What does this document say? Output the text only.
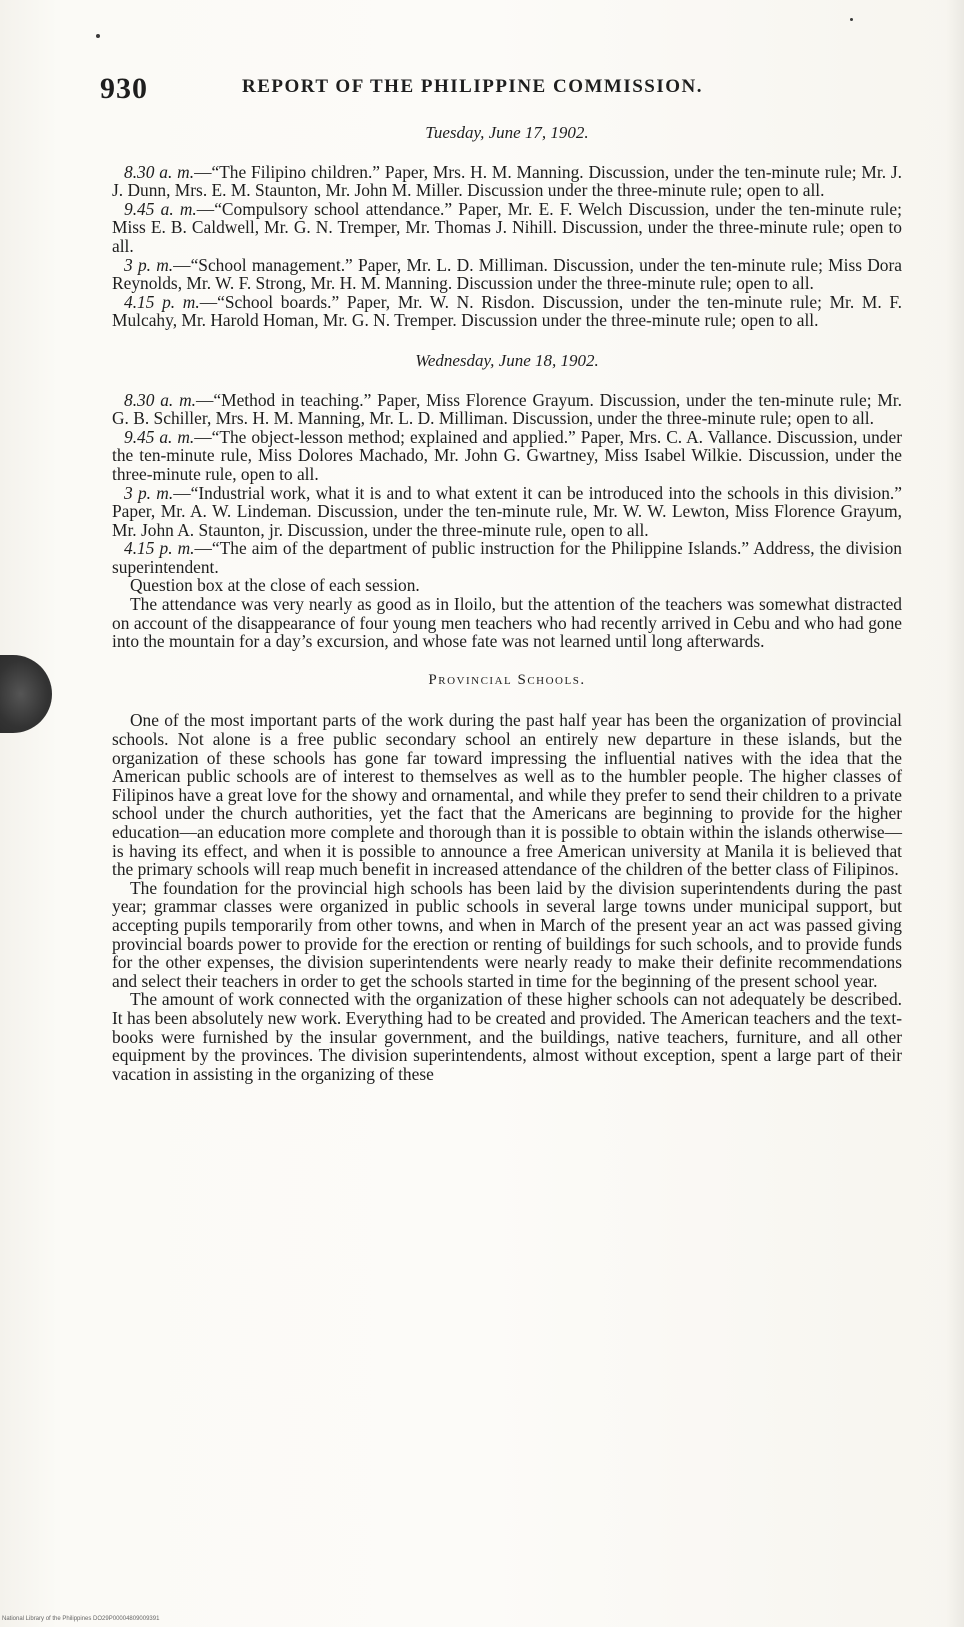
930	REPORT OF THE PHILIPPINE COMMISSION.
Tuesday, June 17, 1902.

8.30 a. m.—“The Filipino children.” Paper, Mrs. H. M. Manning. Discussion, under the ten-minute rule; Mr. J. J. Dunn, Mrs. E. M. Staunton, Mr. John M. Miller. Discussion under the three-minute rule; open to all.

9.45 a. m.—“Compulsory school attendance.” Paper, Mr. E. F. Welch Discussion, under the ten-minute rule; Miss E. B. Caldwell, Mr. G. N. Tremper, Mr. Thomas J. Nihill. Discussion, under the three-minute rule; open to all.

3 p. m.—“School management.” Paper, Mr. L. D. Milliman. Discussion, under the ten-minute rule; Miss Dora Reynolds, Mr. W. F. Strong, Mr. H. M. Manning. Discussion under the three-minute rule; open to all.

4.15 p. m.—“School boards.” Paper, Mr. W. N. Risdon. Discussion, under the ten-minute rule; Mr. M. F. Mulcahy, Mr. Harold Homan, Mr. G. N. Tremper. Discussion under the three-minute rule; open to all.

Wednesday, June 18, 1902.

8.30 a. m.—“Method in teaching.” Paper, Miss Florence Grayum. Discussion, under the ten-minute rule; Mr. G. B. Schiller, Mrs. H. M. Manning, Mr. L. D. Milliman. Discussion, under the three-minute rule; open to all.

9.45 a. m.—“The object-lesson method; explained and applied.” Paper, Mrs. C. A. Vallance. Discussion, under the ten-minute rule, Miss Dolores Machado, Mr. John G. Gwartney, Miss Isabel Wilkie. Discussion, under the three-minute rule, open to all.

3 p. m.—“Industrial work, what it is and to what extent it can be introduced into the schools in this division.” Paper, Mr. A. W. Lindeman. Discussion, under the ten-minute rule, Mr. W. W. Lewton, Miss Florence Grayum, Mr. John A. Staunton, jr. Discussion, under the three-minute rule, open to all.

4.15 p. m.—“The aim of the department of public instruction for the Philippine Islands.” Address, the division superintendent.

Question box at the close of each session.

The attendance was very nearly as good as in Iloilo, but the attention of the teachers was somewhat distracted on account of the disappearance of four young men teachers who had recently arrived in Cebu and who had gone into the mountain for a day’s excursion, and whose fate was not learned until long afterwards.

Provincial Schools.

One of the most important parts of the work during the past half year has been the organization of provincial schools. Not alone is a free public secondary school an entirely new departure in these islands, but the organization of these schools has gone far toward impressing the influential natives with the idea that the American public schools are of interest to themselves as well as to the humbler people. The higher classes of Filipinos have a great love for the showy and ornamental, and while they prefer to send their children to a private school under the church authorities, yet the fact that the Americans are beginning to provide for the higher education—an education more complete and thorough than it is possible to obtain within the islands otherwise—is having its effect, and when it is possible to announce a free American university at Manila it is believed that the primary schools will reap much benefit in increased attendance of the children of the better class of Filipinos.

The foundation for the provincial high schools has been laid by the division superintendents during the past year; grammar classes were organized in public schools in several large towns under municipal support, but accepting pupils temporarily from other towns, and when in March of the present year an act was passed giving provincial boards power to provide for the erection or renting of buildings for such schools, and to provide funds for the other expenses, the division superintendents were nearly ready to make their definite recommendations and select their teachers in order to get the schools started in time for the beginning of the present school year.

The amount of work connected with the organization of these higher schools can not adequately be described. It has been absolutely new work. Everything had to be created and provided. The American teachers and the text-books were furnished by the insular government, and the buildings, native teachers, furniture, and all other equipment by the provinces. The division superintendents, almost without exception, spent a large part of their vacation in assisting in the organizing of these

National Library of the Philippines DO29P00004809009391
